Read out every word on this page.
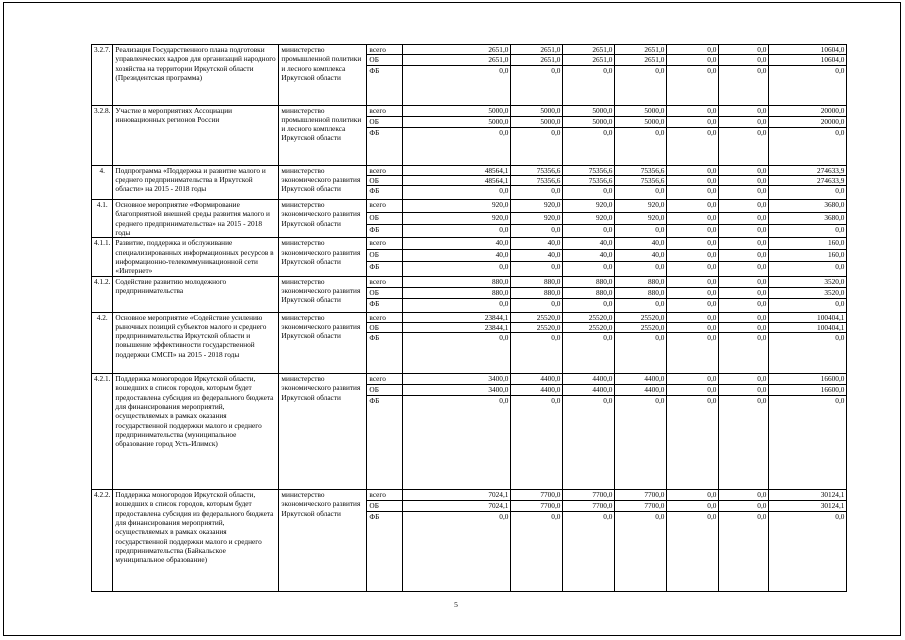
3.2.7.	Реализация Государственного плана подготовки управленческих кадров для организаций народного хозяйства на территории Иркутской области (Президентская программа)	министерство промышленной политики и лесного комплекса Иркутской области	всего	2651,0	2651,0	2651,0	2651,0	0,0	0,0	10604,0
			ОБ	2651,0	2651,0	2651,0	2651,0	0,0	0,0	10604,0
			ФБ	0,0	0,0	0,0	0,0	0,0	0,0	0,0
3.2.8.	Участие в мероприятиях Ассоциации инновационных регионов России	министерство промышленной политики и лесного комплекса Иркутской области	всего	5000,0	5000,0	5000,0	5000,0	0,0	0,0	20000,0
			ОБ	5000,0	5000,0	5000,0	5000,0	0,0	0,0	20000,0
			ФБ	0,0	0,0	0,0	0,0	0,0	0,0	0,0
4.	Подпрограмма «Поддержка и развитие малого и среднего предпринимательства в Иркутской области» на 2015 - 2018 годы	министерство экономического развития Иркутской области	всего	48564,1	75356,6	75356,6	75356,6	0,0	0,0	274633,9
			ОБ	48564,1	75356,6	75356,6	75356,6	0,0	0,0	274633,9
			ФБ	0,0	0,0	0,0	0,0	0,0	0,0	0,0
4.1.	Основное мероприятие «Формирование благоприятной внешней среды развития малого и среднего предпринимательства» на 2015 - 2018 годы	министерство экономического развития Иркутской области	всего	920,0	920,0	920,0	920,0	0,0	0,0	3680,0
			ОБ	920,0	920,0	920,0	920,0	0,0	0,0	3680,0
			ФБ	0,0	0,0	0,0	0,0	0,0	0,0	0,0
4.1.1.	Развитие, поддержка и обслуживание специализированных информационных ресурсов в информационно-телекоммуникационной сети «Интернет»	министерство экономического развития Иркутской области	всего	40,0	40,0	40,0	40,0	0,0	0,0	160,0
			ОБ	40,0	40,0	40,0	40,0	0,0	0,0	160,0
			ФБ	0,0	0,0	0,0	0,0	0,0	0,0	0,0
4.1.2.	Содействие развитию молодежного предпринимательства	министерство экономического развития Иркутской области	всего	880,0	880,0	880,0	880,0	0,0	0,0	3520,0
			ОБ	880,0	880,0	880,0	880,0	0,0	0,0	3520,0
			ФБ	0,0	0,0	0,0	0,0	0,0	0,0	0,0
4.2.	Основное мероприятие «Содействие усилению рыночных позиций субъектов малого и среднего предпринимательства Иркутской области и повышение эффективности государственной поддержки СМСП» на 2015 - 2018 годы	министерство экономического развития Иркутской области	всего	23844,1	25520,0	25520,0	25520,0	0,0	0,0	100404,1
			ОБ	23844,1	25520,0	25520,0	25520,0	0,0	0,0	100404,1
			ФБ	0,0	0,0	0,0	0,0	0,0	0,0	0,0
4.2.1.	Поддержка моногородов Иркутской области, вошедших в список городов, которым будет предоставлена субсидия из федерального бюджета для финансирования мероприятий, осуществляемых в рамках оказания государственной поддержки малого и среднего предпринимательства (муниципальное образование город Усть-Илимск)	министерство экономического развития Иркутской области	всего	3400,0	4400,0	4400,0	4400,0	0,0	0,0	16600,0
			ОБ	3400,0	4400,0	4400,0	4400,0	0,0	0,0	16600,0
			ФБ	0,0	0,0	0,0	0,0	0,0	0,0	0,0
4.2.2.	Поддержка моногородов Иркутской области, вошедших в список городов, которым будет предоставлена субсидия из федерального бюджета для финансирования мероприятий, осуществляемых в рамках оказания государственной поддержки малого и среднего предпринимательства (Байкальское муниципальное образование)	министерство экономического развития Иркутской области	всего	7024,1	7700,0	7700,0	7700,0	0,0	0,0	30124,1
			ОБ	7024,1	7700,0	7700,0	7700,0	0,0	0,0	30124,1
			ФБ	0,0	0,0	0,0	0,0	0,0	0,0	0,0
5
